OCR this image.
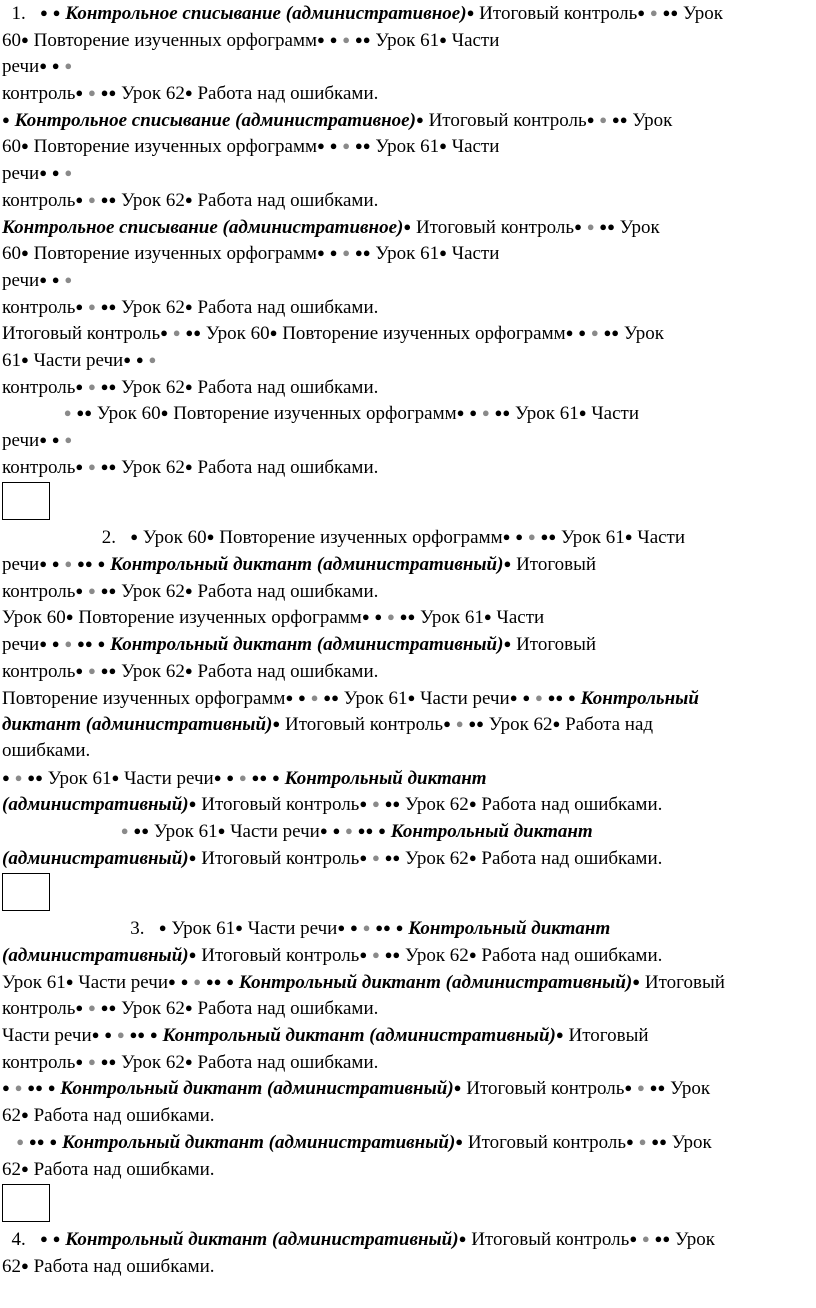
1.   ● ● Контрольное списывание (административное)● Итоговый контроль● ● ●● Урок
60● Повторение изученных орфограмм● ● ● ●● Урок 61● Части
речи● ● ●
контроль● ● ●● Урок 62● Работа над ошибками.
● Контрольное списывание (административное)● Итоговый контроль● ● ●● Урок
60● Повторение изученных орфограмм● ● ● ●● Урок 61● Части
речи● ● ●
контроль● ● ●● Урок 62● Работа над ошибками.
Контрольное списывание (административное)● Итоговый контроль● ● ●● Урок
60● Повторение изученных орфограмм● ● ● ●● Урок 61● Части
речи● ● ●
контроль● ● ●● Урок 62● Работа над ошибками.
Итоговый контроль● ● ●● Урок 60● Повторение изученных орфограмм● ● ● ●● Урок
61● Части речи● ● ●
контроль● ● ●● Урок 62● Работа над ошибками.
● ●● Урок 60● Повторение изученных орфограмм● ● ● ●● Урок 61● Части
речи● ● ●
контроль● ● ●● Урок 62● Работа над ошибками.
2.   ● Урок 60● Повторение изученных орфограмм● ● ● ●● Урок 61● Части
речи● ● ● ●● ● Контрольный диктант (административный)● Итоговый
контроль● ● ●● Урок 62● Работа над ошибками.
Урок 60● Повторение изученных орфограмм● ● ● ●● Урок 61● Части
речи● ● ● ●● ● Контрольный диктант (административный)● Итоговый
контроль● ● ●● Урок 62● Работа над ошибками.
Повторение изученных орфограмм● ● ● ●● Урок 61● Части речи● ● ● ●● ● Контрольный
диктант (административный)● Итоговый контроль● ● ●● Урок 62● Работа над
ошибками.
● ● ●● Урок 61● Части речи● ● ● ●● ● Контрольный диктант
(административный)● Итоговый контроль● ● ●● Урок 62● Работа над ошибками.
● ●● Урок 61● Части речи● ● ● ●● ● Контрольный диктант
(административный)● Итоговый контроль● ● ●● Урок 62● Работа над ошибками.
3.   ● Урок 61● Части речи● ● ● ●● ● Контрольный диктант
(административный)● Итоговый контроль● ● ●● Урок 62● Работа над ошибками.
Урок 61● Части речи● ● ● ●● ● Контрольный диктант (административный)● Итоговый
контроль● ● ●● Урок 62● Работа над ошибками.
Части речи● ● ● ●● ● Контрольный диктант (административный)● Итоговый
контроль● ● ●● Урок 62● Работа над ошибками.
● ● ●● ● Контрольный диктант (административный)● Итоговый контроль● ● ●● Урок
62● Работа над ошибками.
● ●● ● Контрольный диктант (административный)● Итоговый контроль● ● ●● Урок
62● Работа над ошибками.
4.   ● ● Контрольный диктант (административный)● Итоговый контроль● ● ●● Урок
62● Работа над ошибками.
